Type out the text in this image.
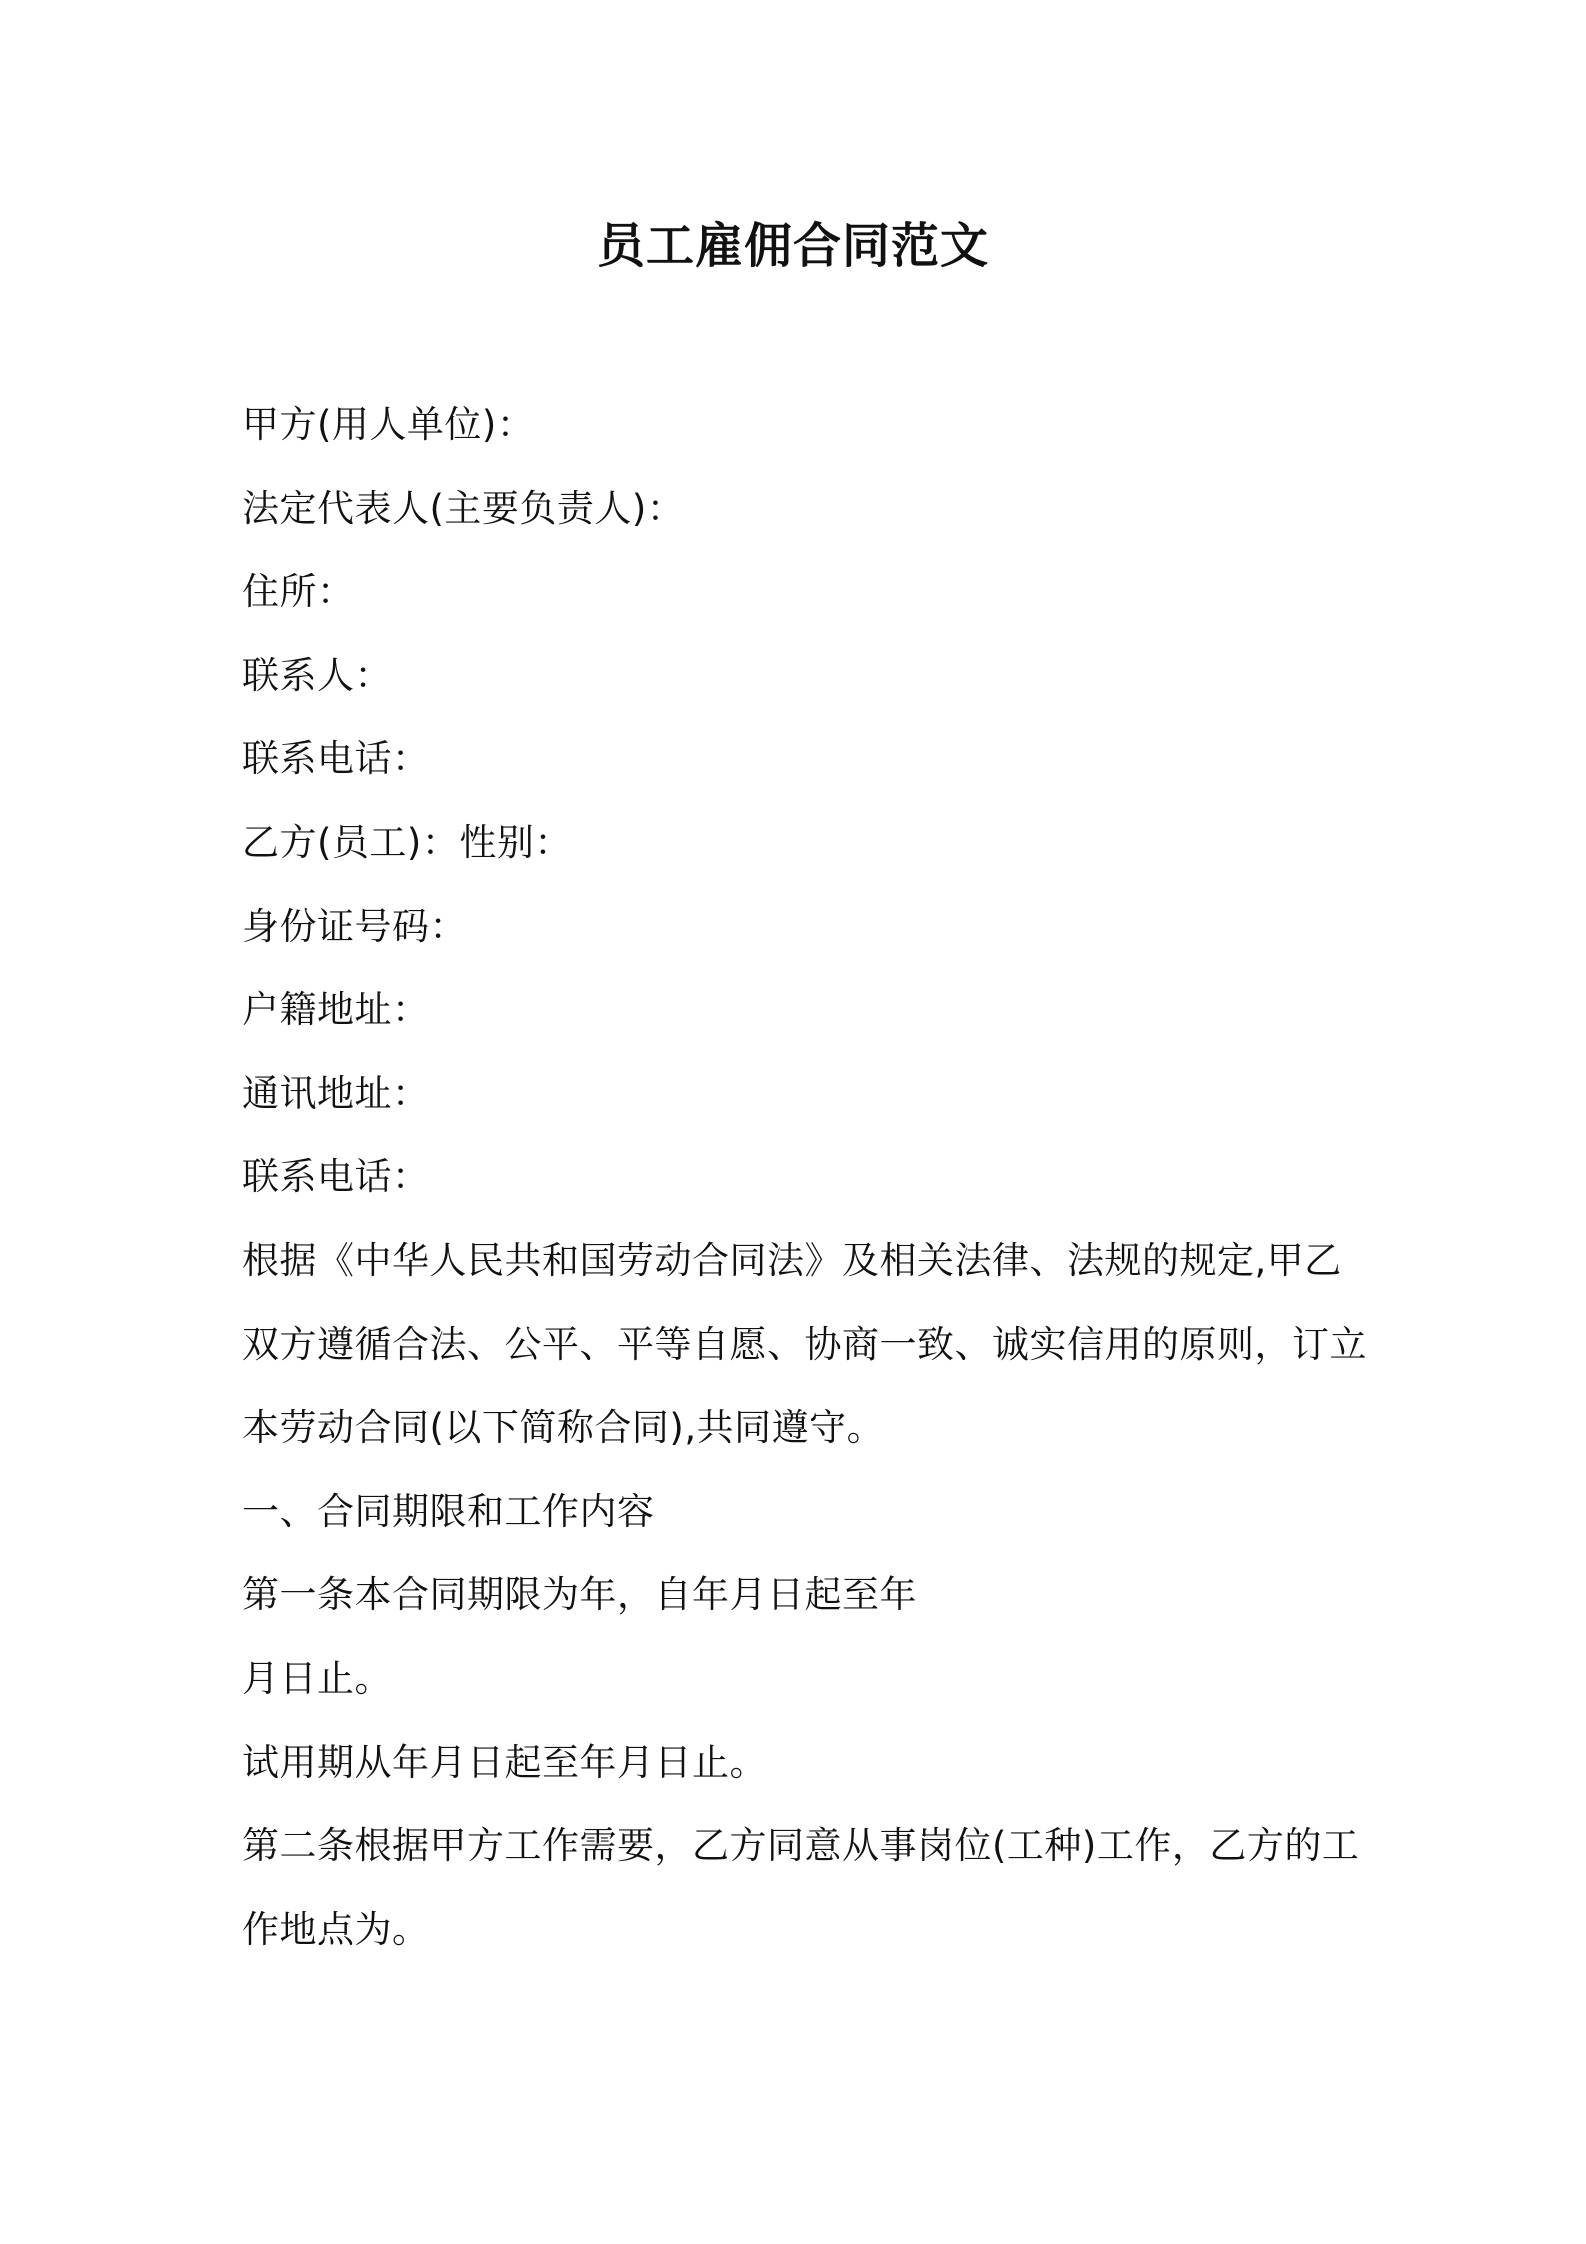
员工雇佣合同范文
甲方(用人单位)：
法定代表人(主要负责人)：
住所：
联系人：
联系电话：
乙方(员工)：性别：
身份证号码：
户籍地址：
通讯地址：
联系电话：
根据《中华人民共和国劳动合同法》及相关法律、法规的规定,甲乙
双方遵循合法、公平、平等自愿、协商一致、诚实信用的原则，订立
本劳动合同(以下简称合同),共同遵守。
一、合同期限和工作内容
第一条本合同期限为年，自年月日起至年
月日止。
试用期从年月日起至年月日止。
第二条根据甲方工作需要，乙方同意从事岗位(工种)工作，乙方的工
作地点为。
